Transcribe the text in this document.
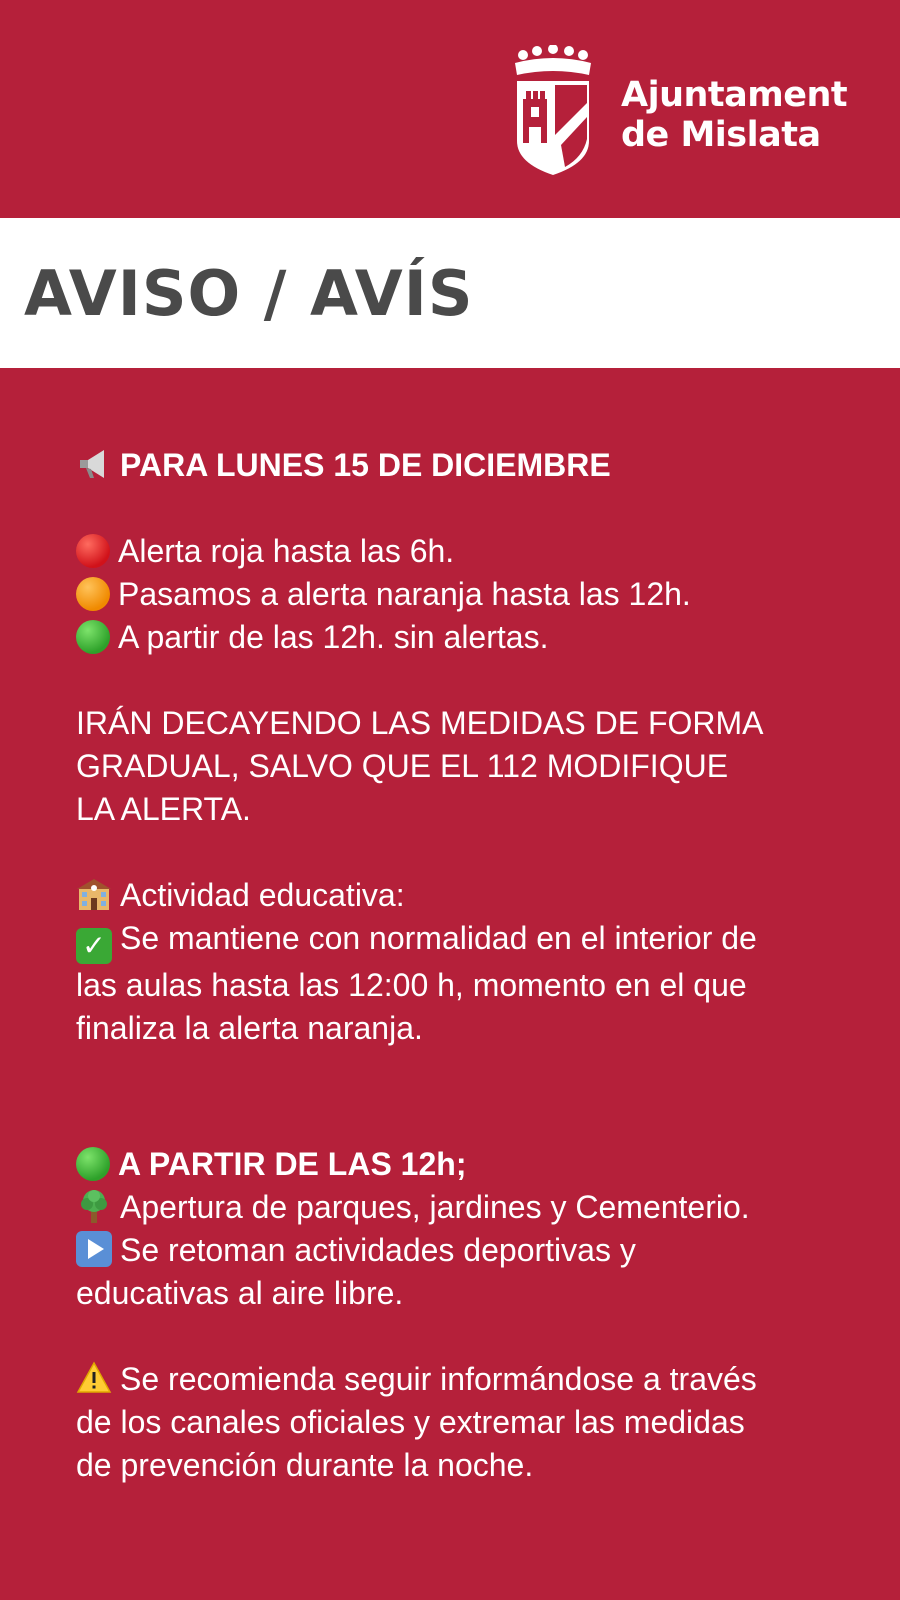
Ajuntament
de Mislata
AVISO / AVÍS
PARA LUNES 15 DE DICIEMBRE
Alerta roja hasta las 6h.
Pasamos a alerta naranja hasta las 12h.
A partir de las 12h. sin alertas.
IRÁN DECAYENDO LAS MEDIDAS DE FORMA
GRADUAL, SALVO QUE EL 112 MODIFIQUE
LA ALERTA.
Actividad educativa:
✓ Se mantiene con normalidad en el interior de
las aulas hasta las 12:00 h, momento en el que
finaliza la alerta naranja.
A PARTIR DE LAS 12h;
Apertura de parques, jardines y Cementerio.
Se retoman actividades deportivas y
educativas al aire libre.
Se recomienda seguir informándose a través
de los canales oficiales y extremar las medidas
de prevención durante la noche.
